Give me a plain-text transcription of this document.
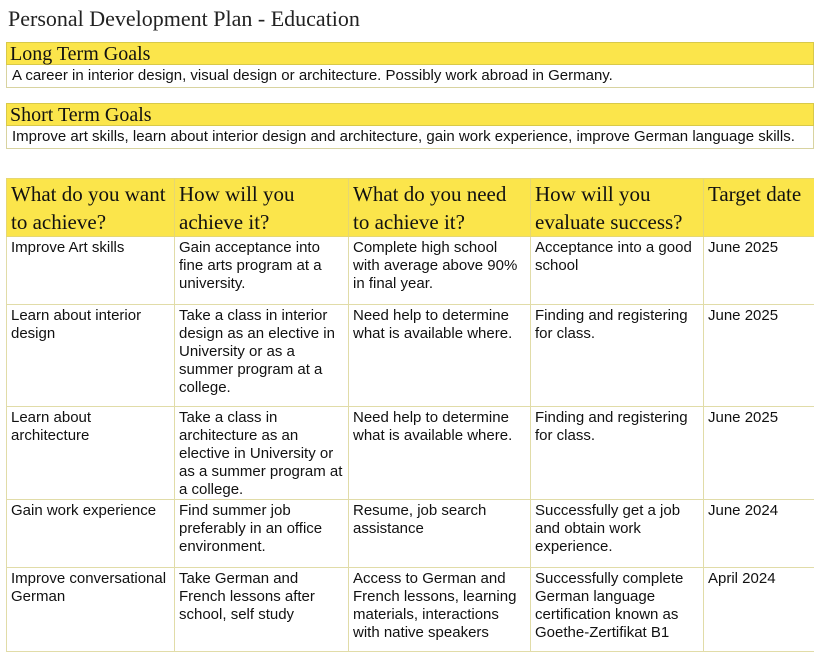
Personal Development Plan - Education
Long Term Goals
A career in interior design, visual design or architecture. Possibly work abroad in Germany.
Short Term Goals
Improve art skills, learn about interior design and architecture, gain work experience, improve German language skills.
What do you want to achieve?	How will you achieve it?	What do you need to achieve it?	How will you evaluate success?	Target date
Improve Art skills	Gain acceptance into fine arts program at a university.	Complete high school with average above 90% in final year.	Acceptance into a good school	June 2025
Learn about interior design	Take a class in interior design as an elective in University or as a summer program at a college.	Need help to determine what is available where.	Finding and registering for class.	June 2025
Learn about architecture	Take a class in architecture as an elective in University or as a summer program at a college.	Need help to determine what is available where.	Finding and registering for class.	June 2025
Gain work experience	Find summer job preferably in an office environment.	Resume, job search assistance	Successfully get a job and obtain work experience.	June 2024
Improve conversational German	Take German and French lessons after school, self study	Access to German and French lessons, learning materials, interactions with native speakers	Successfully complete German language certification known as Goethe-Zertifikat B1	April 2024
